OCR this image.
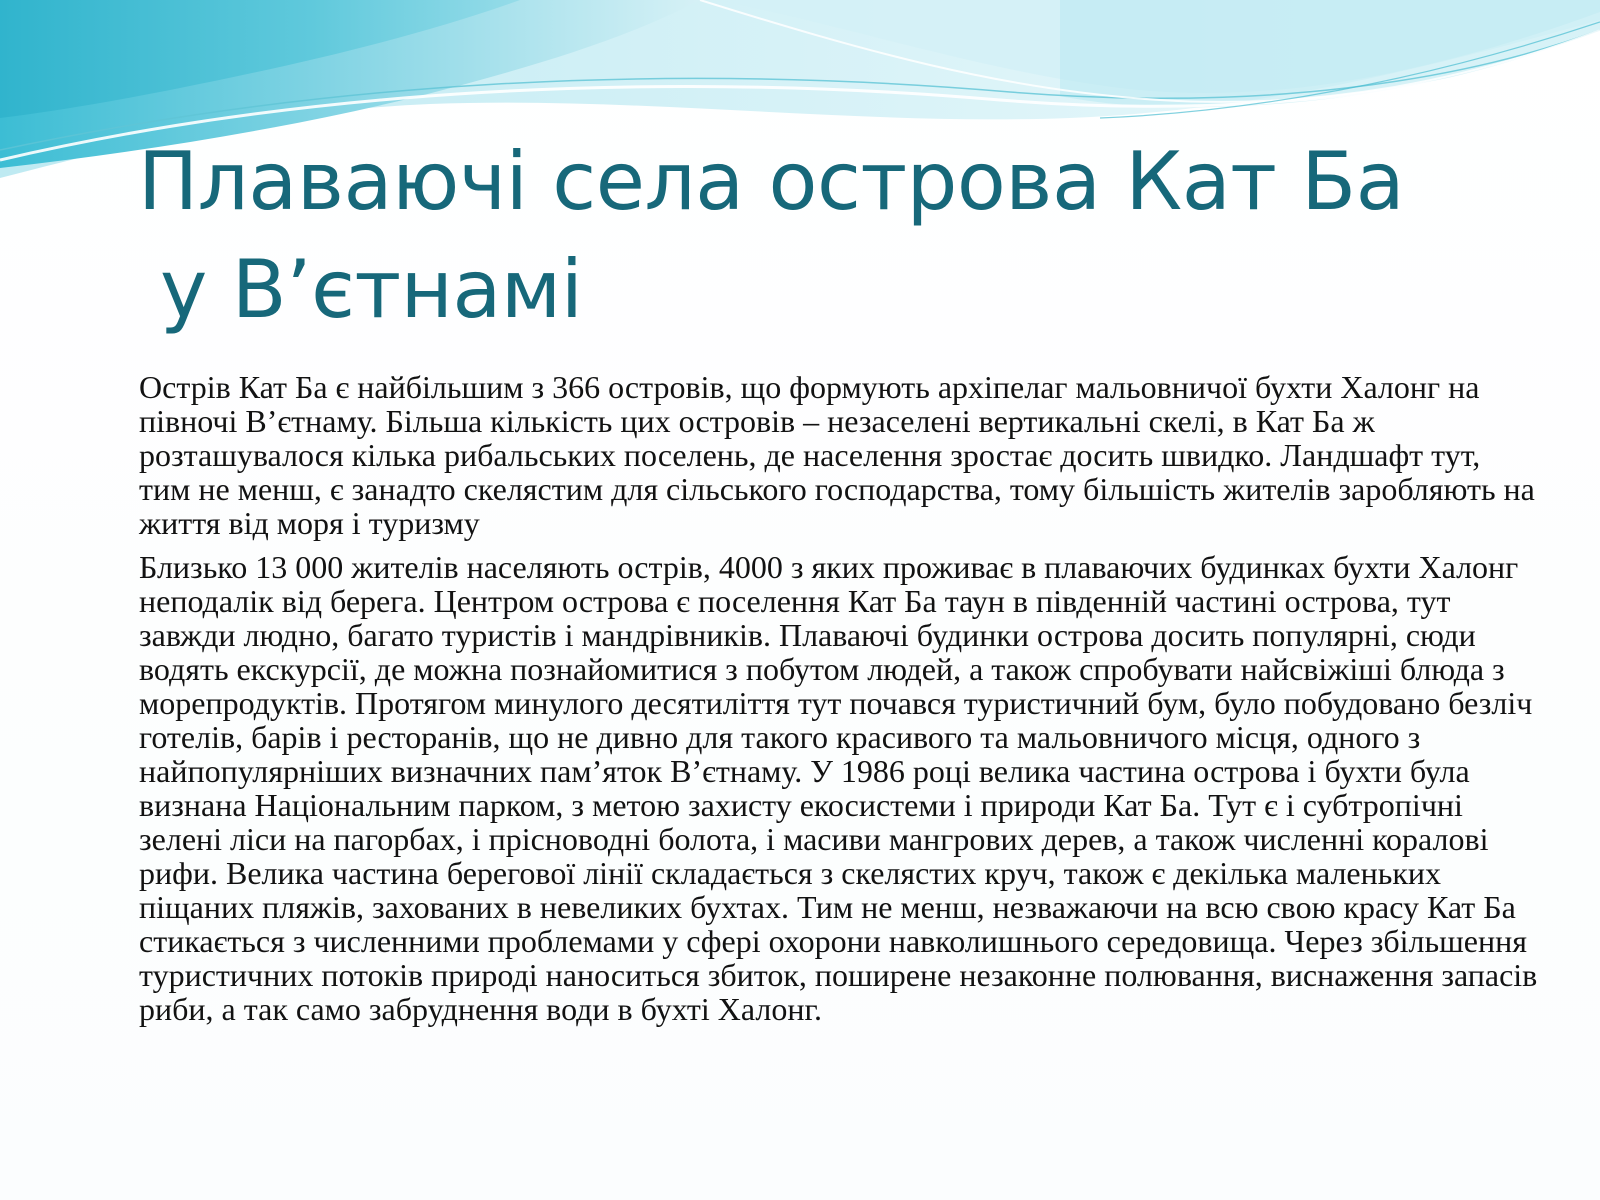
Плаваючі села острова Кат Ба
у В’єтнамі

Острів Кат Ба є найбільшим з 366 островів, що формують архіпелаг мальовничої бухти Халонг на півночі В’єтнаму. Більша кількість цих островів – незаселені вертикальні скелі, в Кат Ба ж розташувалося кілька рибальських поселень, де населення зростає досить швидко. Ландшафт тут, тим не менш, є занадто скелястим для сільського господарства, тому більшість жителів заробляють на життя від моря і туризму

Близько 13 000 жителів населяють острів, 4000 з яких проживає в плаваючих будинках бухти Халонг неподалік від берега. Центром острова є поселення Кат Ба таун в південній частині острова, тут завжди людно, багато туристів і мандрівників. Плаваючі будинки острова досить популярні, сюди водять екскурсії, де можна познайомитися з побутом людей, а також спробувати найсвіжіші блюда з морепродуктів. Протягом минулого десятиліття тут почався туристичний бум, було побудовано безліч готелів, барів і ресторанів, що не дивно для такого красивого та мальовничого місця, одного з найпопулярніших визначних пам’яток В’єтнаму. У 1986 році велика частина острова і бухти була визнана Національним парком, з метою захисту екосистеми і природи Кат Ба. Тут є і субтропічні зелені ліси на пагорбах, і прісноводні болота, і масиви мангрових дерев, а також численні коралові рифи. Велика частина берегової лінії складається з скелястих круч, також є декілька маленьких піщаних пляжів, захованих в невеликих бухтах. Тим не менш, незважаючи на всю свою красу Кат Ба стикається з численними проблемами у сфері охорони навколишнього середовища. Через збільшення туристичних потоків природі наноситься збиток, поширене незаконне полювання, виснаження запасів риби, а так само забруднення води в бухті Халонг.
